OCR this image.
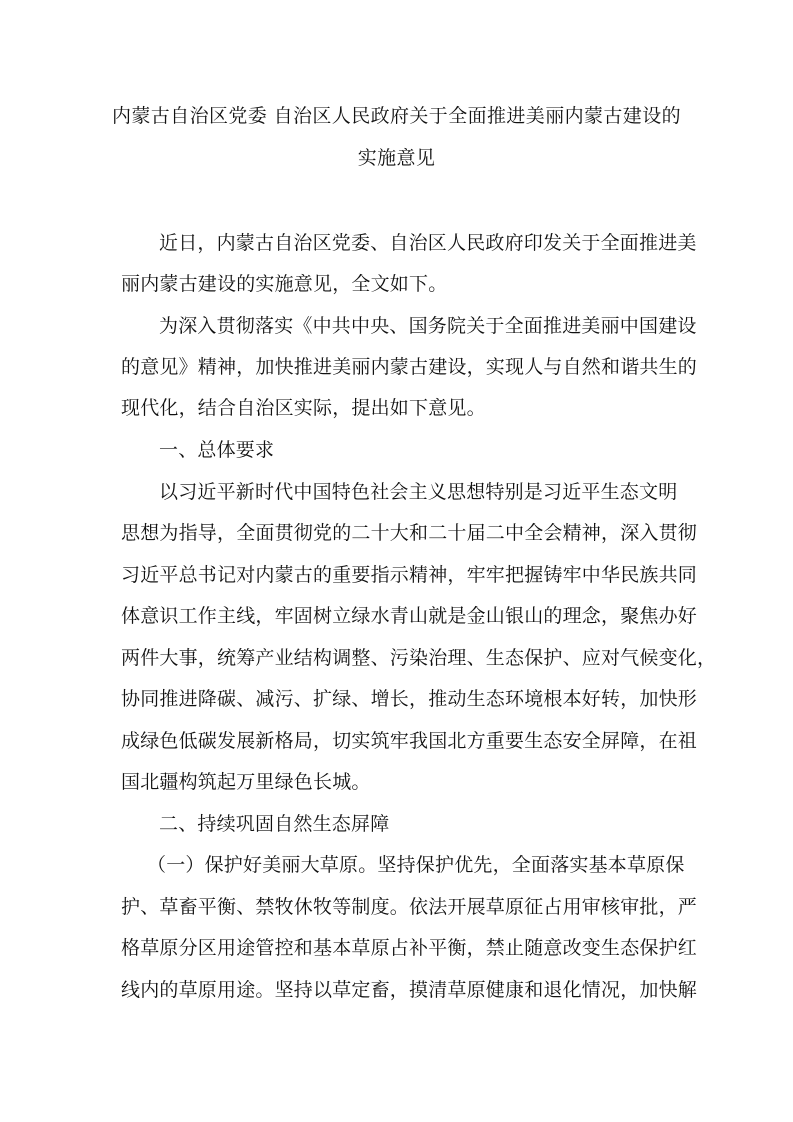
内蒙古自治区党委 自治区人民政府关于全面推进美丽内蒙古建设的
实施意见
近日，内蒙古自治区党委、自治区人民政府印发关于全面推进美
丽内蒙古建设的实施意见，全文如下。
为深入贯彻落实《中共中央、国务院关于全面推进美丽中国建设
的意见》精神，加快推进美丽内蒙古建设，实现人与自然和谐共生的
现代化，结合自治区实际，提出如下意见。
一、总体要求
以习近平新时代中国特色社会主义思想特别是习近平生态文明
思想为指导，全面贯彻党的二十大和二十届二中全会精神，深入贯彻
习近平总书记对内蒙古的重要指示精神，牢牢把握铸牢中华民族共同
体意识工作主线，牢固树立绿水青山就是金山银山的理念，聚焦办好
两件大事，统筹产业结构调整、污染治理、生态保护、应对气候变化，
协同推进降碳、减污、扩绿、增长，推动生态环境根本好转，加快形
成绿色低碳发展新格局，切实筑牢我国北方重要生态安全屏障，在祖
国北疆构筑起万里绿色长城。
二、持续巩固自然生态屏障
（一）保护好美丽大草原。坚持保护优先，全面落实基本草原保
护、草畜平衡、禁牧休牧等制度。依法开展草原征占用审核审批，严
格草原分区用途管控和基本草原占补平衡，禁止随意改变生态保护红
线内的草原用途。坚持以草定畜，摸清草原健康和退化情况，加快解
